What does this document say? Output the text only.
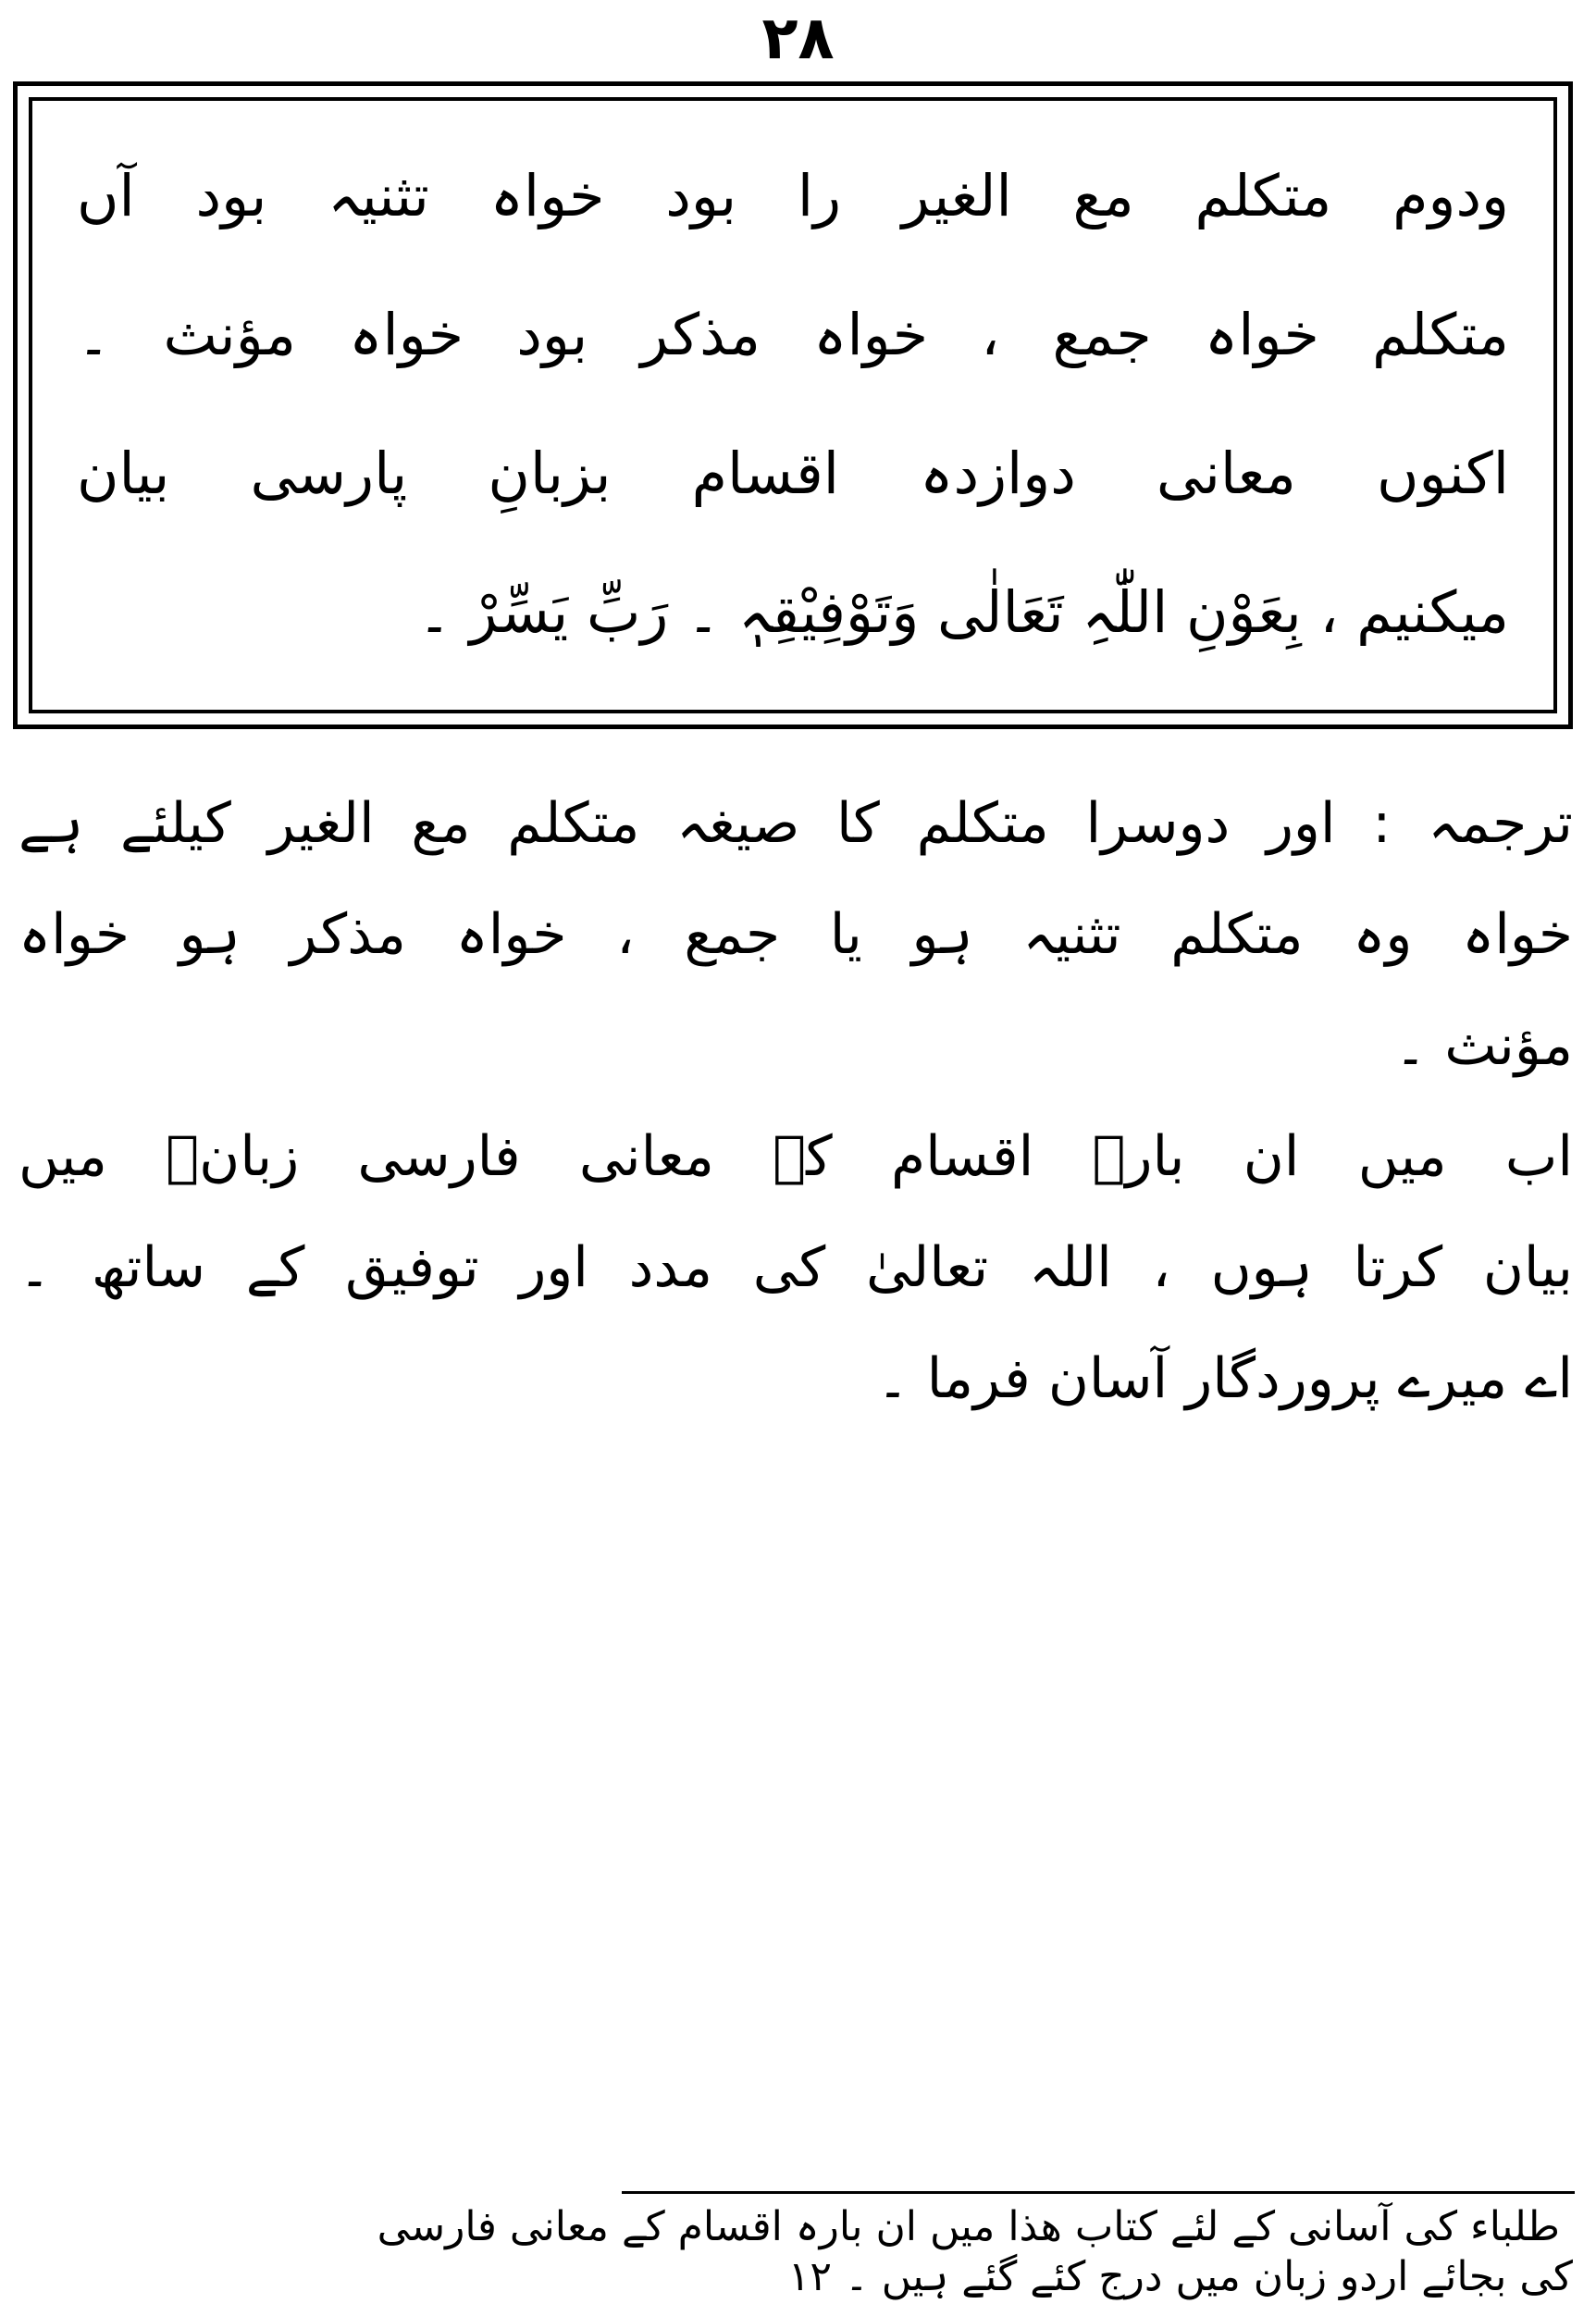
۲۸
ودوم متکلم مع الغیر را بود خواہ تثنیہ بود آں
متکلم خواہ جمع ، خواہ مذکر بود خواہ مؤنث ۔
اکنوں معانی دوازدہ اقسام بزبانِ پارسی بیان
میکنیم ، بِعَوْنِ اللّٰہِ تَعَالٰی وَتَوْفِیْقِہٖ ۔ رَبِّ یَسِّرْ ۔
ترجمہ : اور دوسرا متکلم کا صیغہ متکلم مع الغیر کیلئے ہے
خواہ وہ متکلم تثنیہ ہو یا جمع ، خواہ مذکر ہو خواہ
مؤنث ۔
اب میں ان بارہ اقسام کے معانی فارسی زبانؑ میں
بیان کرتا ہوں ، اللہ تعالیٰ کی مدد اور توفیق کے ساتھ ۔
اے میرے پروردگار آسان فرما ۔
ؑ طلباء کی آسانی کے لئے کتاب ھذا میں ان بارہ اقسام کے معانی فارسی
کی بجائے اردو زبان میں درج کئے گئے ہیں ۔ ۱۲
